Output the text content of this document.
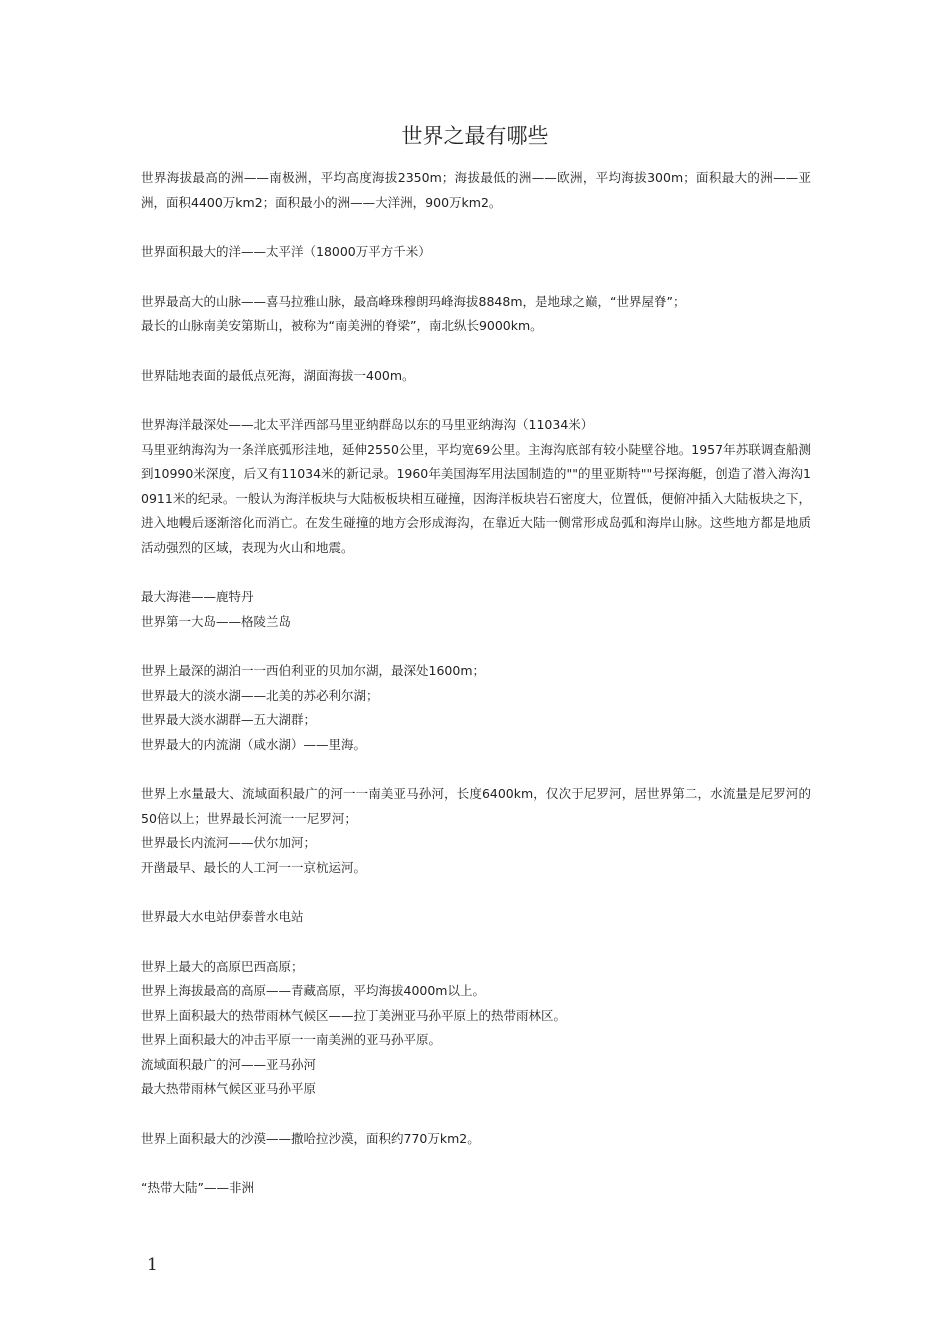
世界之最有哪些

世界海拔最高的洲——南极洲，平均高度海拔2350m；海拔最低的洲——欧洲，平均海拔300m；面积最大的洲——亚洲，面积4400万km2；面积最小的洲——大洋洲，900万km2。

世界面积最大的洋——太平洋（18000万平方千米）

世界最高大的山脉——喜马拉雅山脉，最高峰珠穆朗玛峰海拔8848m，是地球之巅，“世界屋脊”；
最长的山脉南美安第斯山，被称为“南美洲的脊梁”，南北纵长9000km。

世界陆地表面的最低点死海，湖面海拔一400m。

世界海洋最深处——北太平洋西部马里亚纳群岛以东的马里亚纳海沟（11034米）
马里亚纳海沟为一条洋底弧形洼地，延伸2550公里，平均宽69公里。主海沟底部有较小陡壁谷地。1957年苏联调查船测到10990米深度，后又有11034米的新记录。1960年美国海军用法国制造的""的里亚斯特""号探海艇，创造了潜入海沟10911米的纪录。一般认为海洋板块与大陆板板块相互碰撞，因海洋板块岩石密度大，位置低，便俯冲插入大陆板块之下，进入地幔后逐渐溶化而消亡。在发生碰撞的地方会形成海沟，在靠近大陆一侧常形成岛弧和海岸山脉。这些地方都是地质活动强烈的区域，表现为火山和地震。

最大海港——鹿特丹
世界第一大岛——格陵兰岛

世界上最深的湖泊一一西伯利亚的贝加尔湖，最深处1600m；
世界最大的淡水湖——北美的苏必利尔湖；
世界最大淡水湖群—五大湖群；
世界最大的内流湖（咸水湖）——里海。

世界上水量最大、流域面积最广的河一一南美亚马孙河，长度6400km，仅次于尼罗河，居世界第二，水流量是尼罗河的50倍以上；世界最长河流一一尼罗河；
世界最长内流河——伏尔加河；
开凿最早、最长的人工河一一京杭运河。

世界最大水电站伊泰普水电站

世界上最大的高原巴西高原；
世界上海拔最高的高原——青藏高原，平均海拔4000m以上。
世界上面积最大的热带雨林气候区——拉丁美洲亚马孙平原上的热带雨林区。
世界上面积最大的冲击平原一一南美洲的亚马孙平原。
流域面积最广的河——亚马孙河
最大热带雨林气候区亚马孙平原

世界上面积最大的沙漠——撒哈拉沙漠，面积约770万km2。

“热带大陆”——非洲

1
